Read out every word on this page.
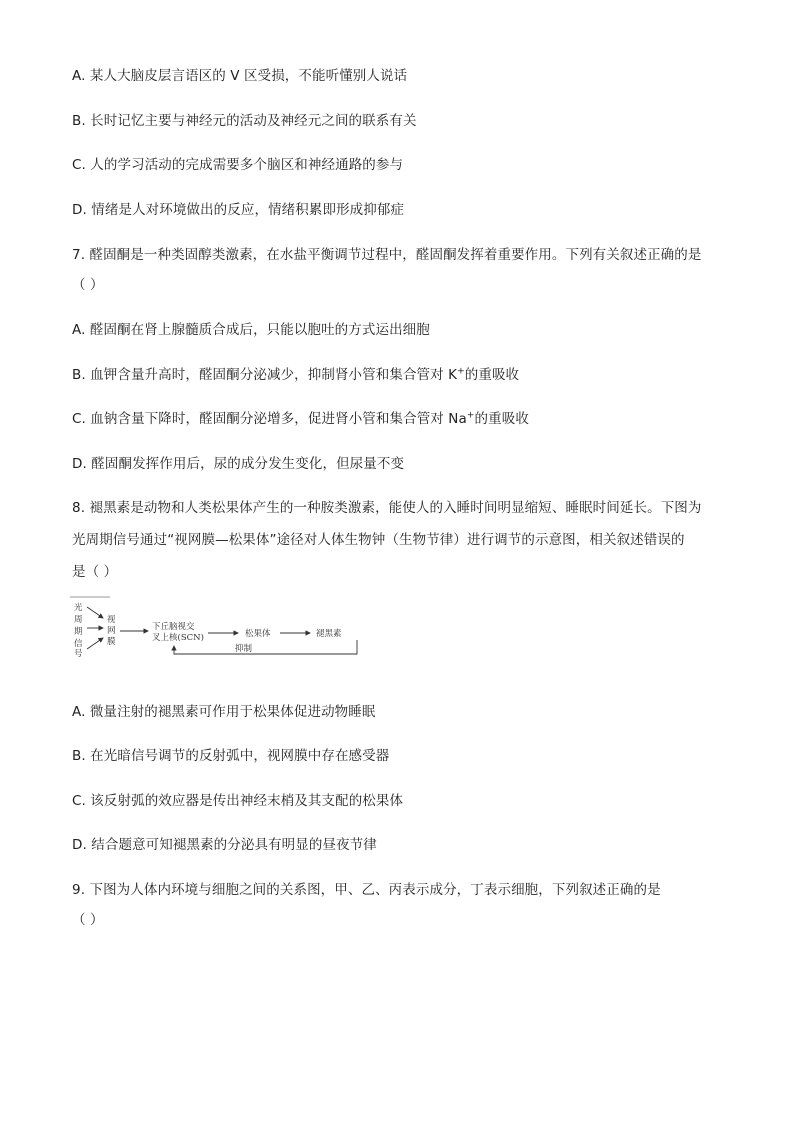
A. 某人大脑皮层言语区的 V 区受损，不能听懂别人说话
B. 长时记忆主要与神经元的活动及神经元之间的联系有关
C. 人的学习活动的完成需要多个脑区和神经通路的参与
D. 情绪是人对环境做出的反应，情绪积累即形成抑郁症
7. 醛固酮是一种类固醇类激素，在水盐平衡调节过程中，醛固酮发挥着重要作用。下列有关叙述正确的是
（ ）
A. 醛固酮在肾上腺髓质合成后，只能以胞吐的方式运出细胞
B. 血钾含量升高时，醛固酮分泌减少，抑制肾小管和集合管对 K+的重吸收
C. 血钠含量下降时，醛固酮分泌增多，促进肾小管和集合管对 Na+的重吸收
D. 醛固酮发挥作用后，尿的成分发生变化，但尿量不变
8. 褪黑素是动物和人类松果体产生的一种胺类激素，能使人的入睡时间明显缩短、睡眠时间延长。下图为
光周期信号通过“视网膜—松果体”途径对人体生物钟（生物节律）进行调节的示意图，相关叙述错误的
是（ ）
光
周
期
信
号
视
网
膜
下丘脑视交
叉上核(SCN)	松果体	褪黑素
抑制
A. 微量注射的褪黑素可作用于松果体促进动物睡眠
B. 在光暗信号调节的反射弧中，视网膜中存在感受器
C. 该反射弧的效应器是传出神经末梢及其支配的松果体
D. 结合题意可知褪黑素的分泌具有明显的昼夜节律
9. 下图为人体内环境与细胞之间的关系图，甲、乙、丙表示成分，丁表示细胞，下列叙述正确的是
（ ）
